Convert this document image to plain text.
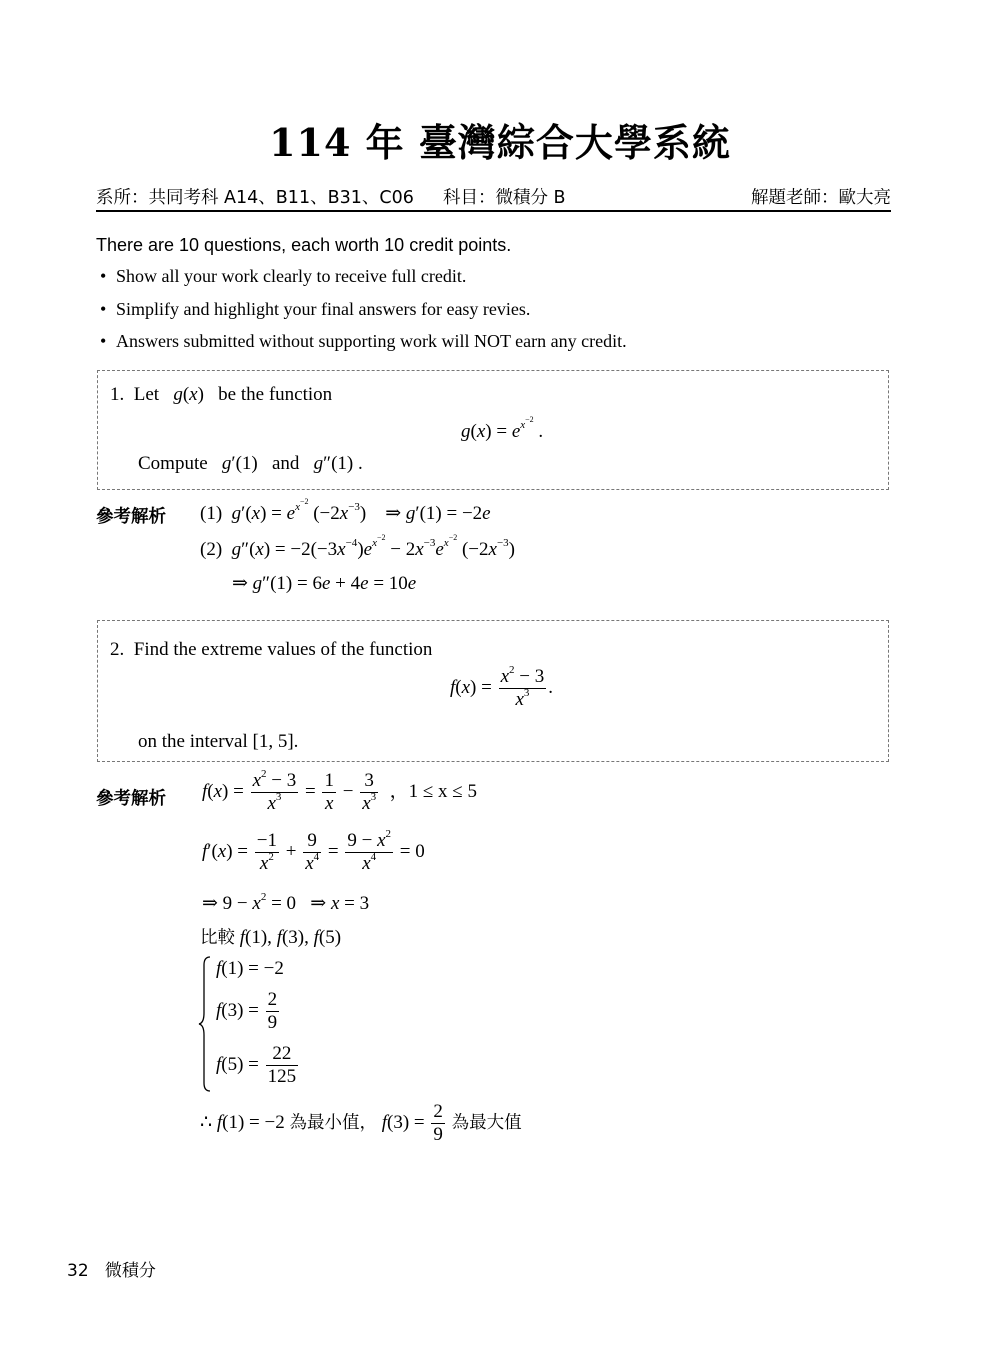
114 年 臺灣綜合大學系統
系所：共同考科 A14、B11、B31、C06 科目：微積分 B	解題老師：歐大亮
There are 10 questions, each worth 10 credit points.
• Show all your work clearly to receive full credit.
• Simplify and highlight your final answers for easy revies.
• Answers submitted without supporting work will NOT earn any credit.
1. Let g(x)   be the function
$g(x) = e^{x^{-2}}$ .
Compute g′(1)   and g″(1) .
參考解析 (1)  $g'(x) = e^{x^{-2}}$ $(-2x^{-3})$    ⇒ g′(1) = −2e
(2)  $g''(x) = -2(-3x^{-4})e^{x^{-2}} - 2x^{-3}e^{x^{-2}}$ $(-2x^{-3})$
⇒ g″(1) = 6e + 4e = 10e
2. Find the extreme values of the function
$f(x) = \frac{x^2 - 3}{x^3}$ .
on the interval [1, 5].
參考解析 $f(x) = \frac{x^2 - 3}{x^3} = \frac{1}{x} - \frac{3}{x^3}$ ，1 ≤ x ≤ 5
$f'(x) = \frac{-1}{x^2} + \frac{9}{x^4} = \frac{9 - x^2}{x^4} = 0$
⇒ $9 - x^2 = 0$   ⇒ x = 3
比較 f(1), f(3), f(5)
f(1) = −2
$f(3) = \frac{2}{9}$
$f(5) = \frac{22}{125}$
∴ f(1) = −2 為最小值， $f(3) = \frac{2}{9}$ 為最大值
32 微積分
